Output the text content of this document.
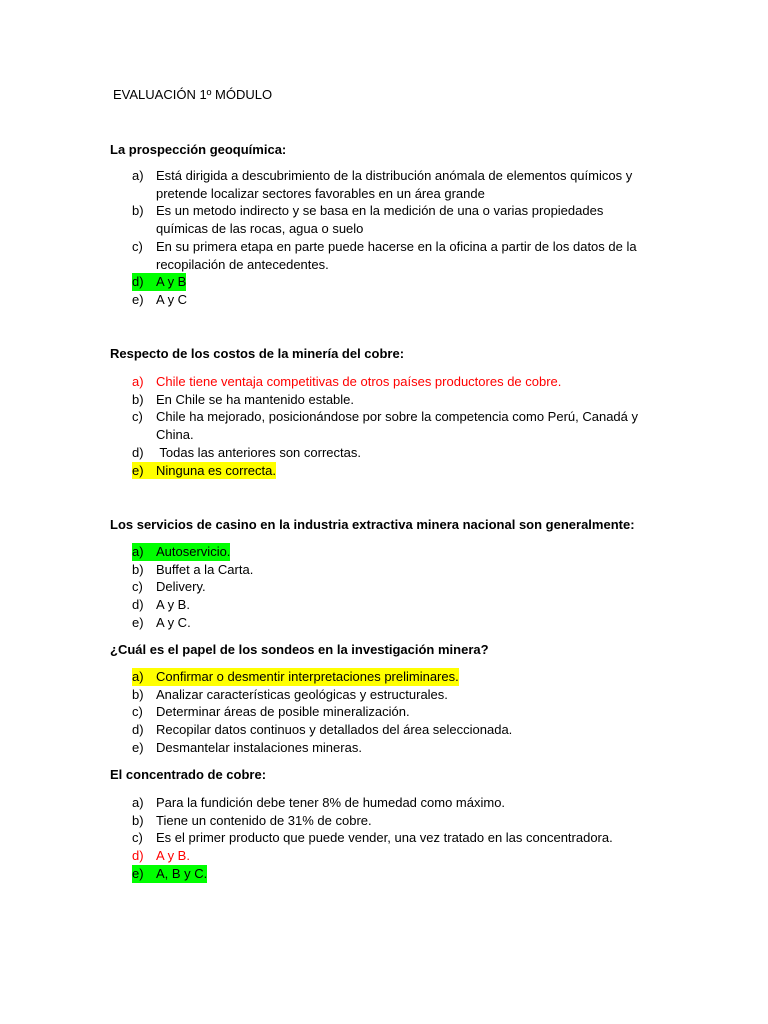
EVALUACIÓN 1º MÓDULO
La prospección geoquímica:
a) Está dirigida a descubrimiento de la distribución anómala de elementos químicos y pretende localizar sectores favorables en un área grande
b) Es un metodo indirecto y se basa en la medición de una o varias propiedades químicas de las rocas, agua o suelo
c)	En su primera etapa en parte puede hacerse en la oficina a partir de los datos de la recopilación de antecedentes.
d) A y B
e) A y C
Respecto de los costos de la minería del cobre:
a) Chile tiene ventaja competitivas de otros países productores de cobre.
b) En Chile se ha mantenido estable.
c)	Chile ha mejorado, posicionándose por sobre la competencia como Perú, Canadá y China.
d) Todas las anteriores son correctas.
e) Ninguna es correcta.
Los servicios de casino en la industria extractiva minera nacional son generalmente:
a) Autoservicio.
b) Buffet a la Carta.
c)	Delivery.
d) A y B.
e) A y C.
¿Cuál es el papel de los sondeos en la investigación minera?
a) Confirmar o desmentir interpretaciones preliminares.
b) Analizar características geológicas y estructurales.
c)	Determinar áreas de posible mineralización.
d) Recopilar datos continuos y detallados del área seleccionada.
e) Desmantelar instalaciones mineras.
El concentrado de cobre:
a) Para la fundición debe tener 8% de humedad como máximo.
b) Tiene un contenido de 31% de cobre.
c)	Es el primer producto que puede vender, una vez tratado en las concentradora.
d) A y B.
e) A, B y C.
